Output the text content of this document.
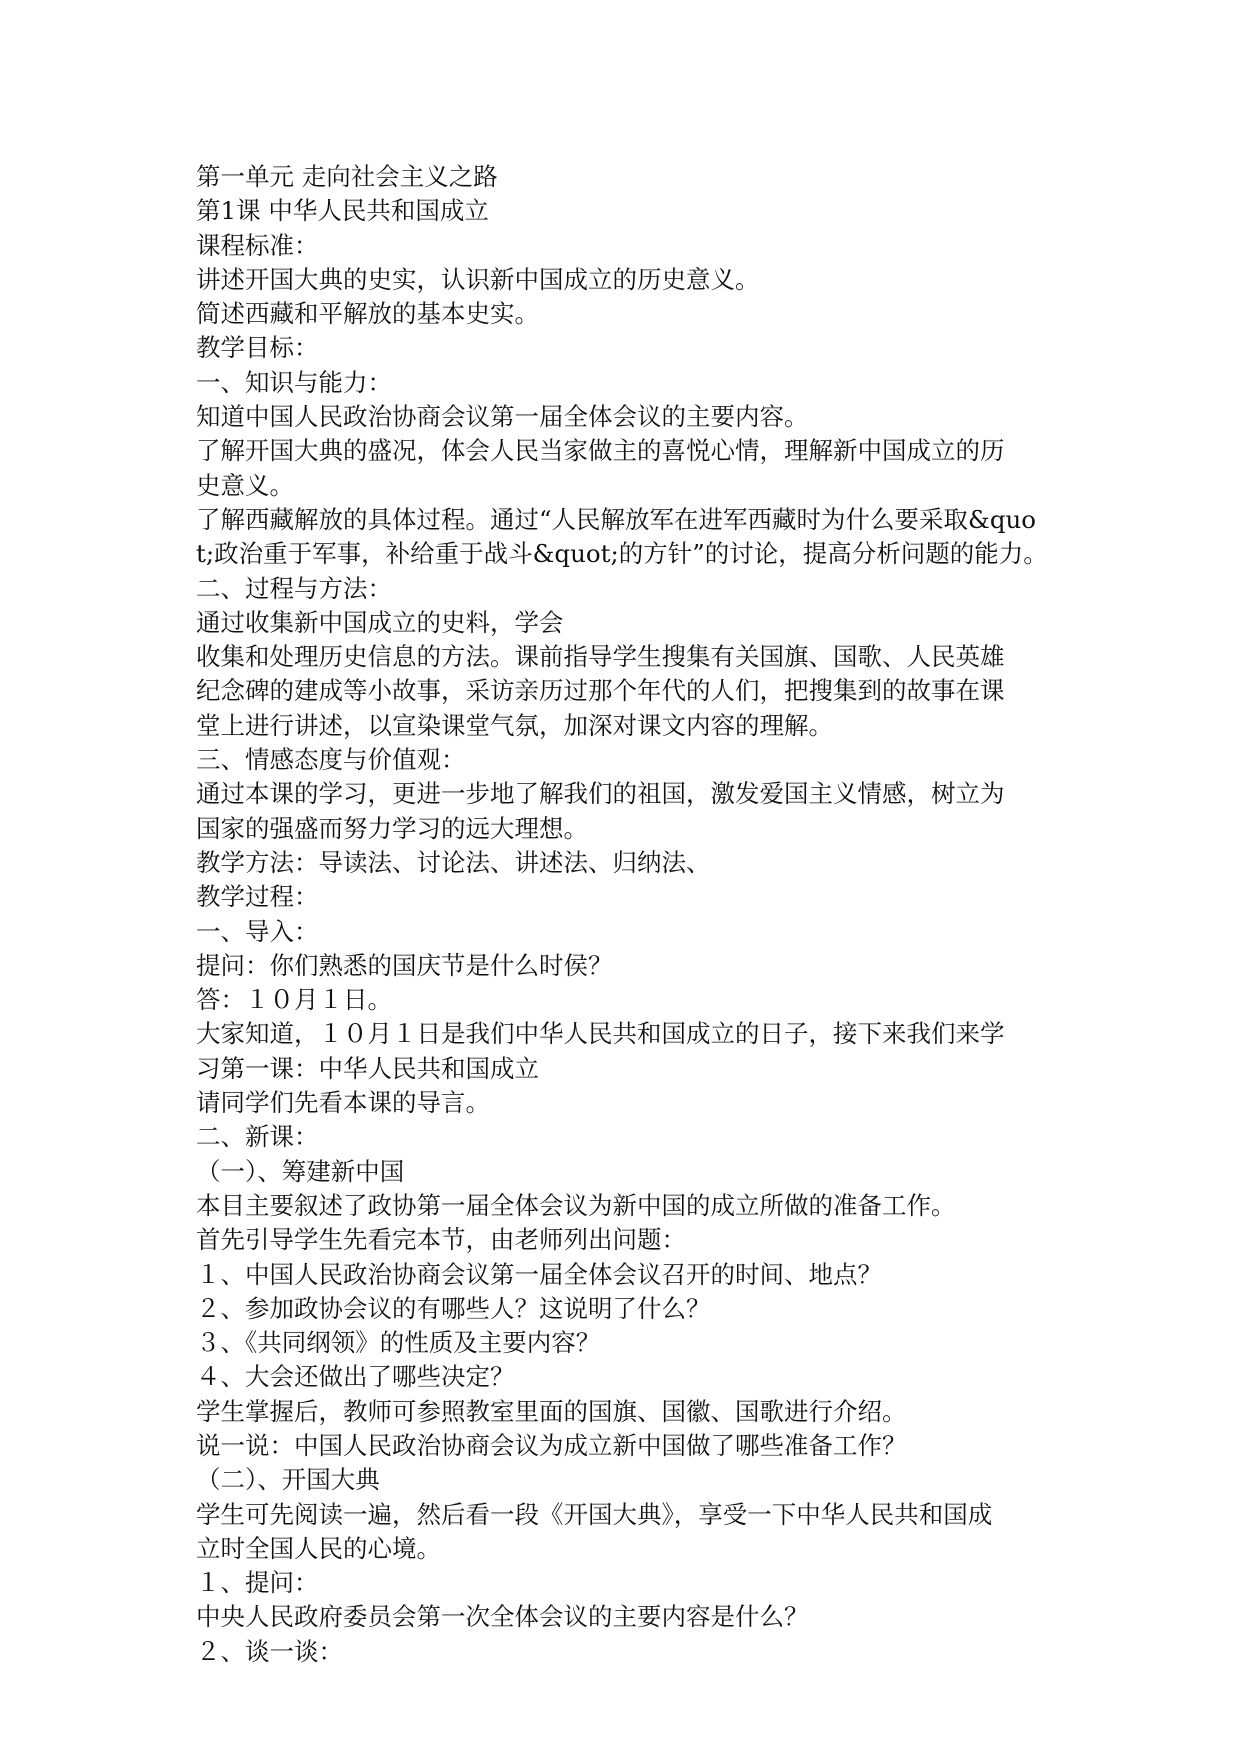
第一单元 走向社会主义之路
第1课 中华人民共和国成立
课程标准：
讲述开国大典的史实，认识新中国成立的历史意义。
简述西藏和平解放的基本史实。
教学目标：
一、知识与能力：
知道中国人民政治协商会议第一届全体会议的主要内容。
了解开国大典的盛况，体会人民当家做主的喜悦心情，理解新中国成立的历
史意义。
了解西藏解放的具体过程。通过“人民解放军在进军西藏时为什么要采取&quo
t;政治重于军事，补给重于战斗&quot;的方针”的讨论，提高分析问题的能力。
二、过程与方法：
通过收集新中国成立的史料，学会
收集和处理历史信息的方法。课前指导学生搜集有关国旗、国歌、人民英雄
纪念碑的建成等小故事，采访亲历过那个年代的人们，把搜集到的故事在课
堂上进行讲述，以宣染课堂气氛，加深对课文内容的理解。
三、情感态度与价值观：
通过本课的学习，更进一步地了解我们的祖国，激发爱国主义情感，树立为
国家的强盛而努力学习的远大理想。
教学方法：导读法、讨论法、讲述法、归纳法、
教学过程：
一、导入：
提问：你们熟悉的国庆节是什么时侯？
答：１０月１日。
大家知道，１０月１日是我们中华人民共和国成立的日子，接下来我们来学
习第一课：中华人民共和国成立
请同学们先看本课的导言。
二、新课：
（一）、筹建新中国
本目主要叙述了政协第一届全体会议为新中国的成立所做的准备工作。
首先引导学生先看完本节，由老师列出问题：
１、中国人民政治协商会议第一届全体会议召开的时间、地点？
２、参加政协会议的有哪些人？这说明了什么？
３、《共同纲领》的性质及主要内容？
４、大会还做出了哪些决定？
学生掌握后，教师可参照教室里面的国旗、国徽、国歌进行介绍。
说一说：中国人民政治协商会议为成立新中国做了哪些准备工作？
（二）、开国大典
学生可先阅读一遍，然后看一段《开国大典》，享受一下中华人民共和国成
立时全国人民的心境。
１、提问：
中央人民政府委员会第一次全体会议的主要内容是什么？
２、谈一谈：
